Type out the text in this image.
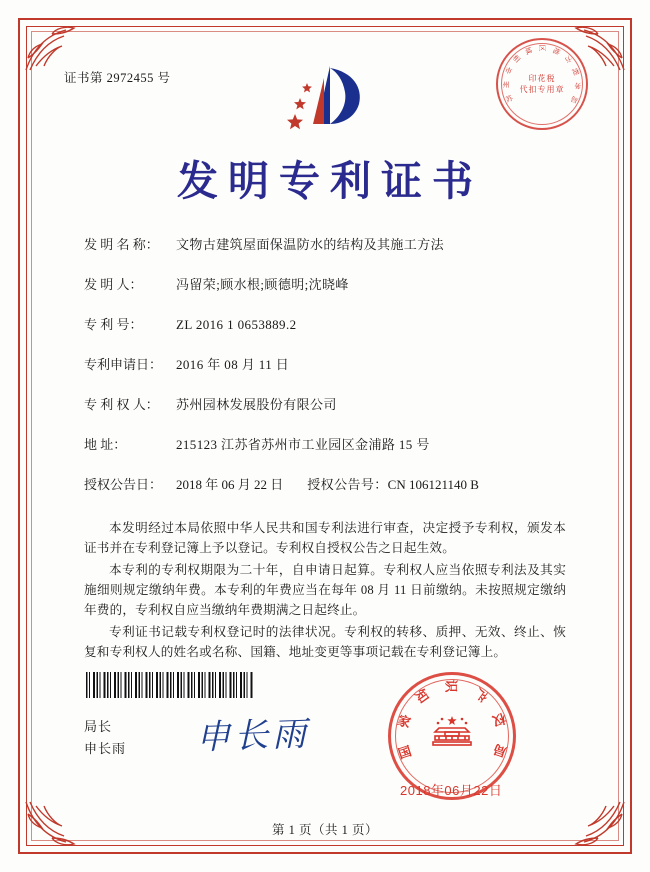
证书第 2972455 号
苏
州
市
相
城 区 地
方
税
务
局
印花税
代扣专用章
发明专利证书
发 明 名 称：	文物古建筑屋面保温防水的结构及其施工方法
发 明 人：	冯留荣;顾水根;顾德明;沈晓峰
专 利 号：	ZL 2016 1 0653889.2
专利申请日：	2016 年 08 月 11 日
专 利 权 人：	苏州园林发展股份有限公司
地 址：	215123 江苏省苏州市工业园区金浦路 15 号
授权公告日：	2018 年 06 月 22 日 授权公告号：CN 106121140 B

本发明经过本局依照中华人民共和国专利法进行审查，决定授予专利权，颁发本证书并在专利登记簿上予以登记。专利权自授权公告之日起生效。

本专利的专利权期限为二十年，自申请日起算。专利权人应当依照专利法及其实施细则规定缴纳年费。本专利的年费应当在每年 08 月 11 日前缴纳。未按照规定缴纳年费的，专利权自应当缴纳年费期满之日起终止。

专利证书记载专利权登记时的法律状况。专利权的转移、质押、无效、终止、恢复和专利权人的姓名或名称、国籍、地址变更等事项记载在专利登记簿上。

局长
申长雨 申长雨	国
家
知
识 产
权
局
2018年06月22日
第 1 页（共 1 页）
